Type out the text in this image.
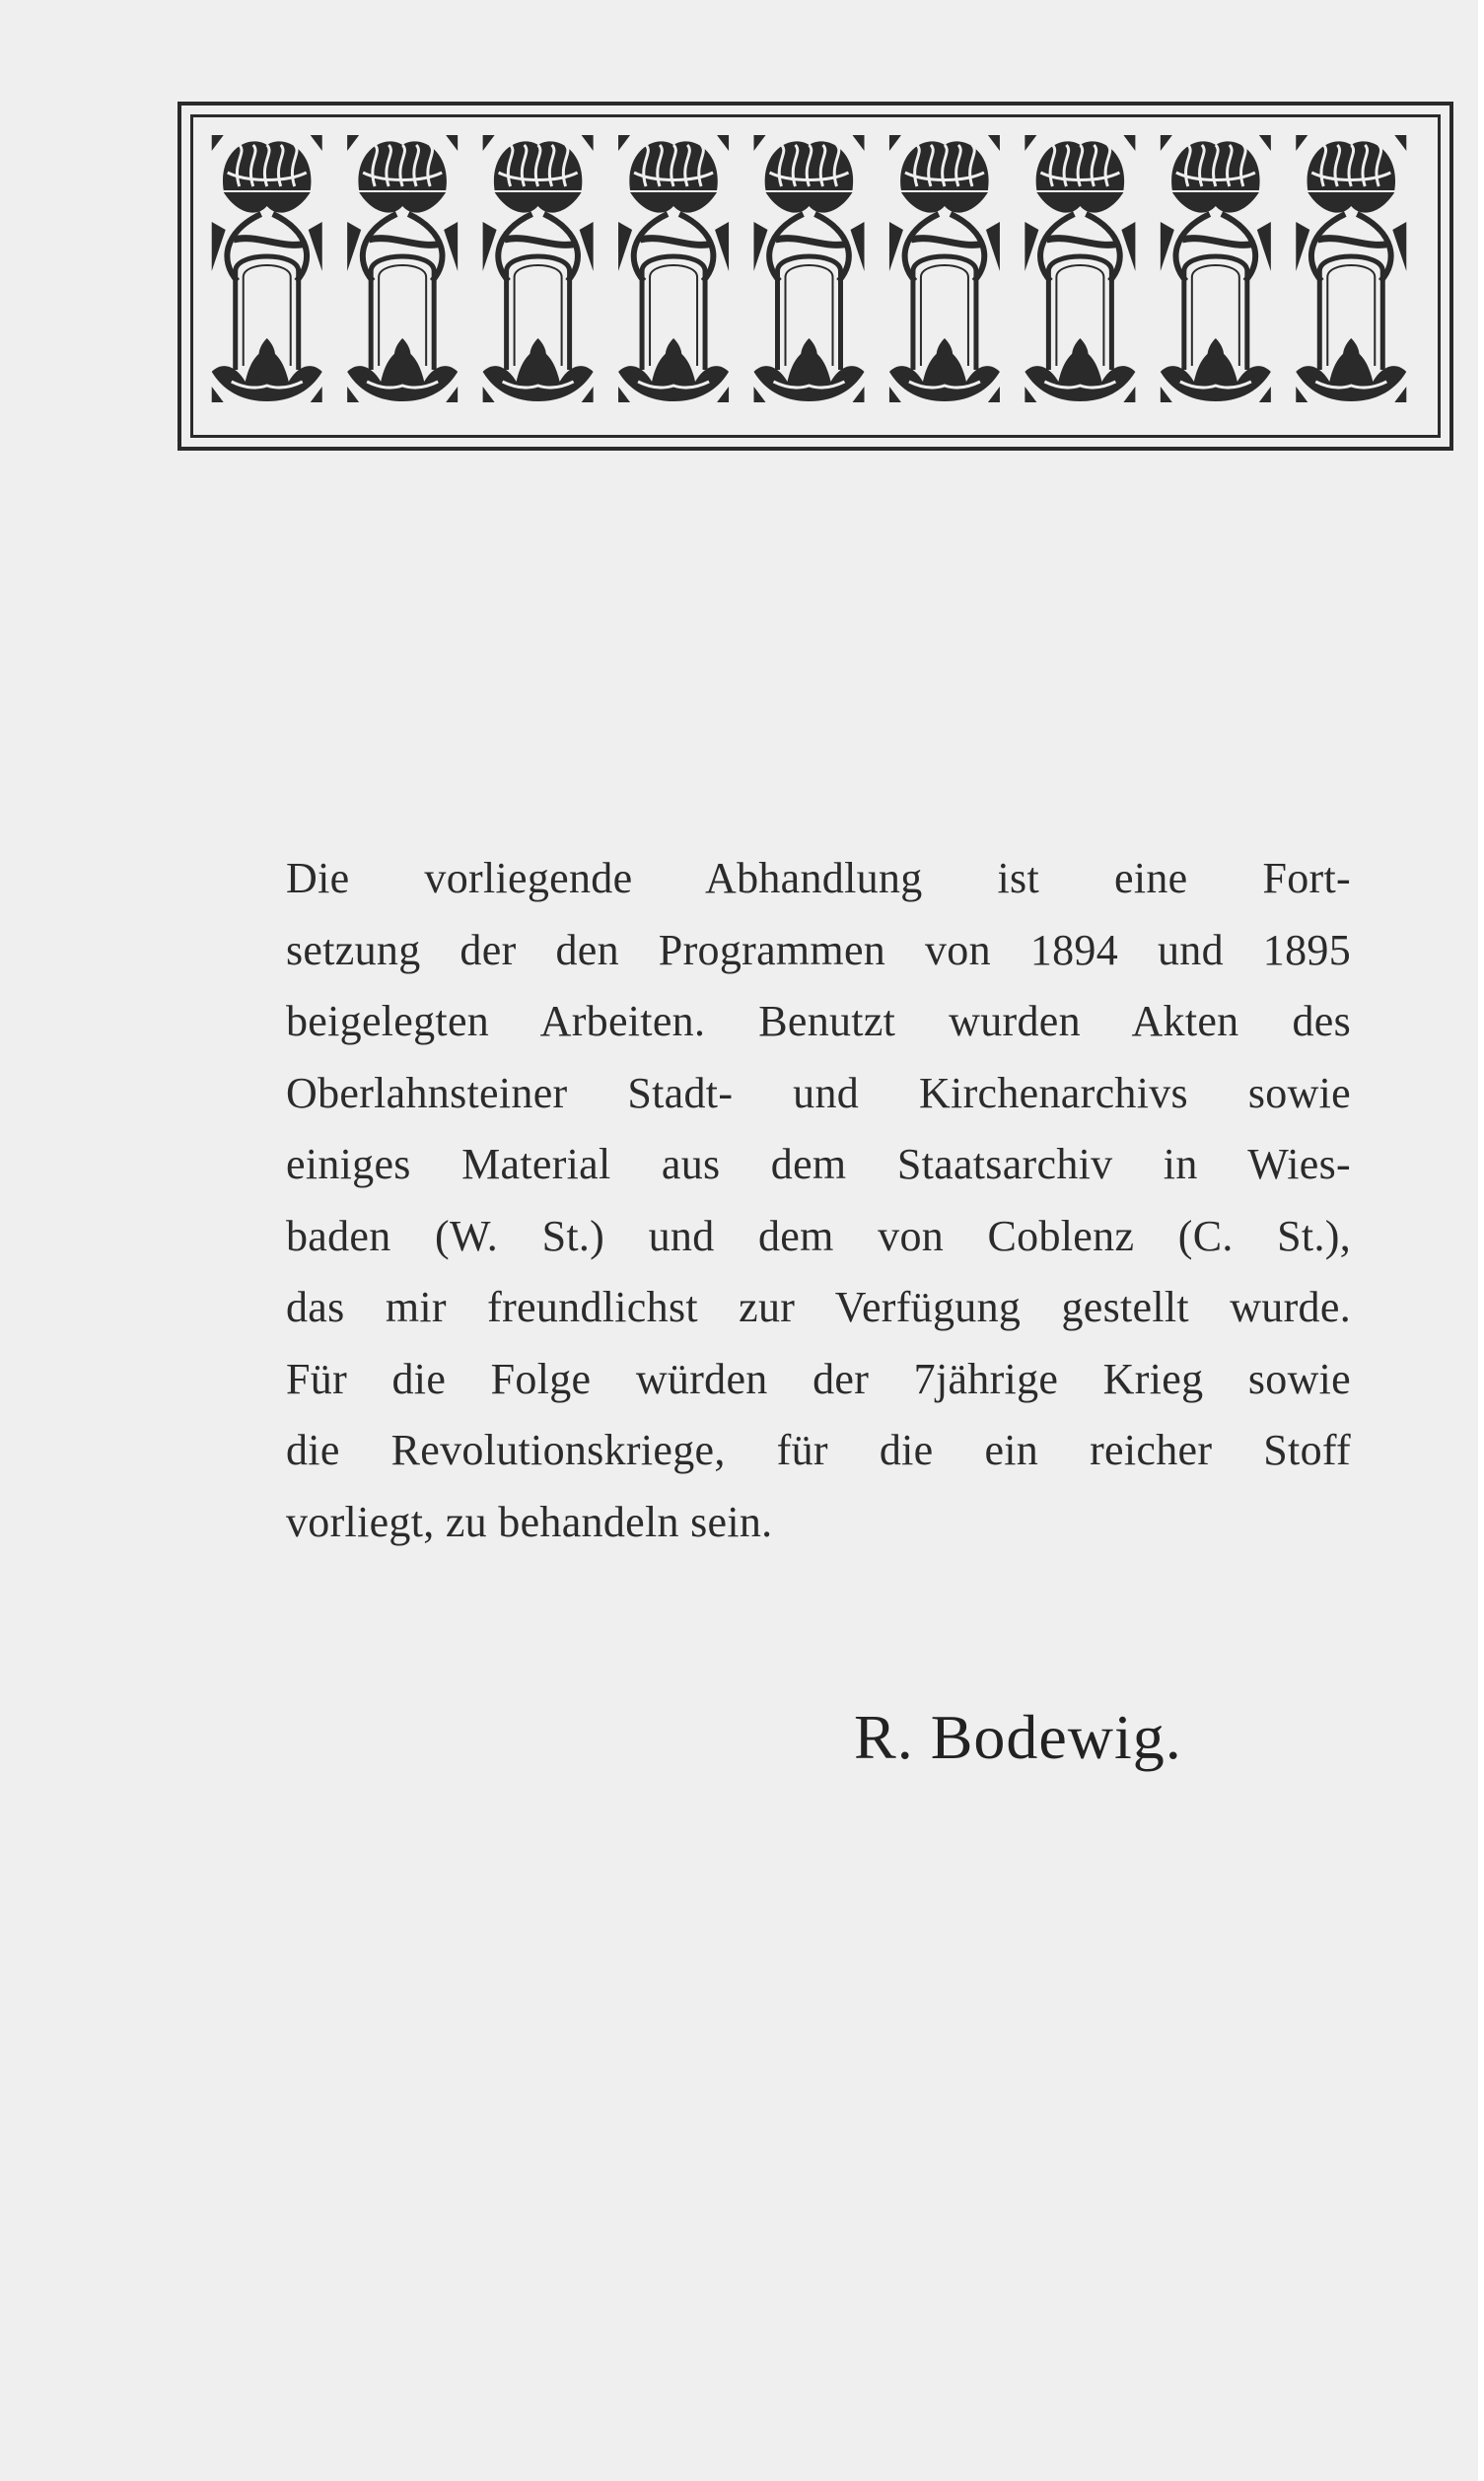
Die vorliegende Abhandlung ist eine Fort-
setzung der den Programmen von 1894 und 1895
beigelegten Arbeiten. Benutzt wurden Akten des
Oberlahnsteiner Stadt- und Kirchenarchivs sowie
einiges Material aus dem Staatsarchiv in Wies-
baden (W. St.) und dem von Coblenz (C. St.),
das mir freundlichst zur Verfügung gestellt wurde.
Für die Folge würden der 7jährige Krieg sowie
die Revolutionskriege, für die ein reicher Stoff
vorliegt, zu behandeln sein.
R. Bodewig.
